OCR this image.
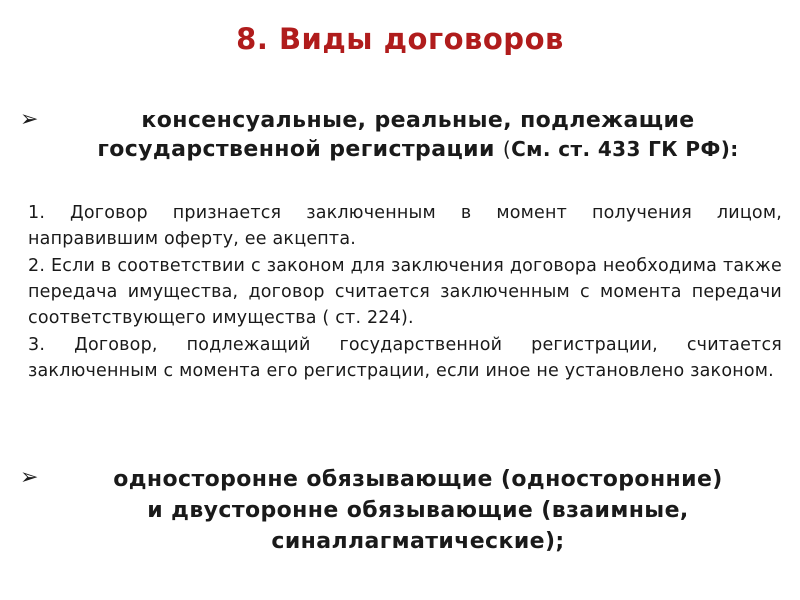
8. Виды договоров
➢	консенсуальные, реальные, подлежащие
государственной регистрации (См. ст. 433 ГК РФ):

1. Договор признается заключенным в момент получения лицом, направившим оферту, ее акцепта.

2. Если в соответствии с законом для заключения договора необходима также передача имущества, договор считается заключенным с момента передачи соответствующего имущества ( ст. 224).

3. Договор, подлежащий государственной регистрации, считается заключенным с момента его регистрации, если иное не установлено законом.

➢	односторонне обязывающие (односторонние)
и двусторонне обязывающие (взаимные,
синаллагматические);
